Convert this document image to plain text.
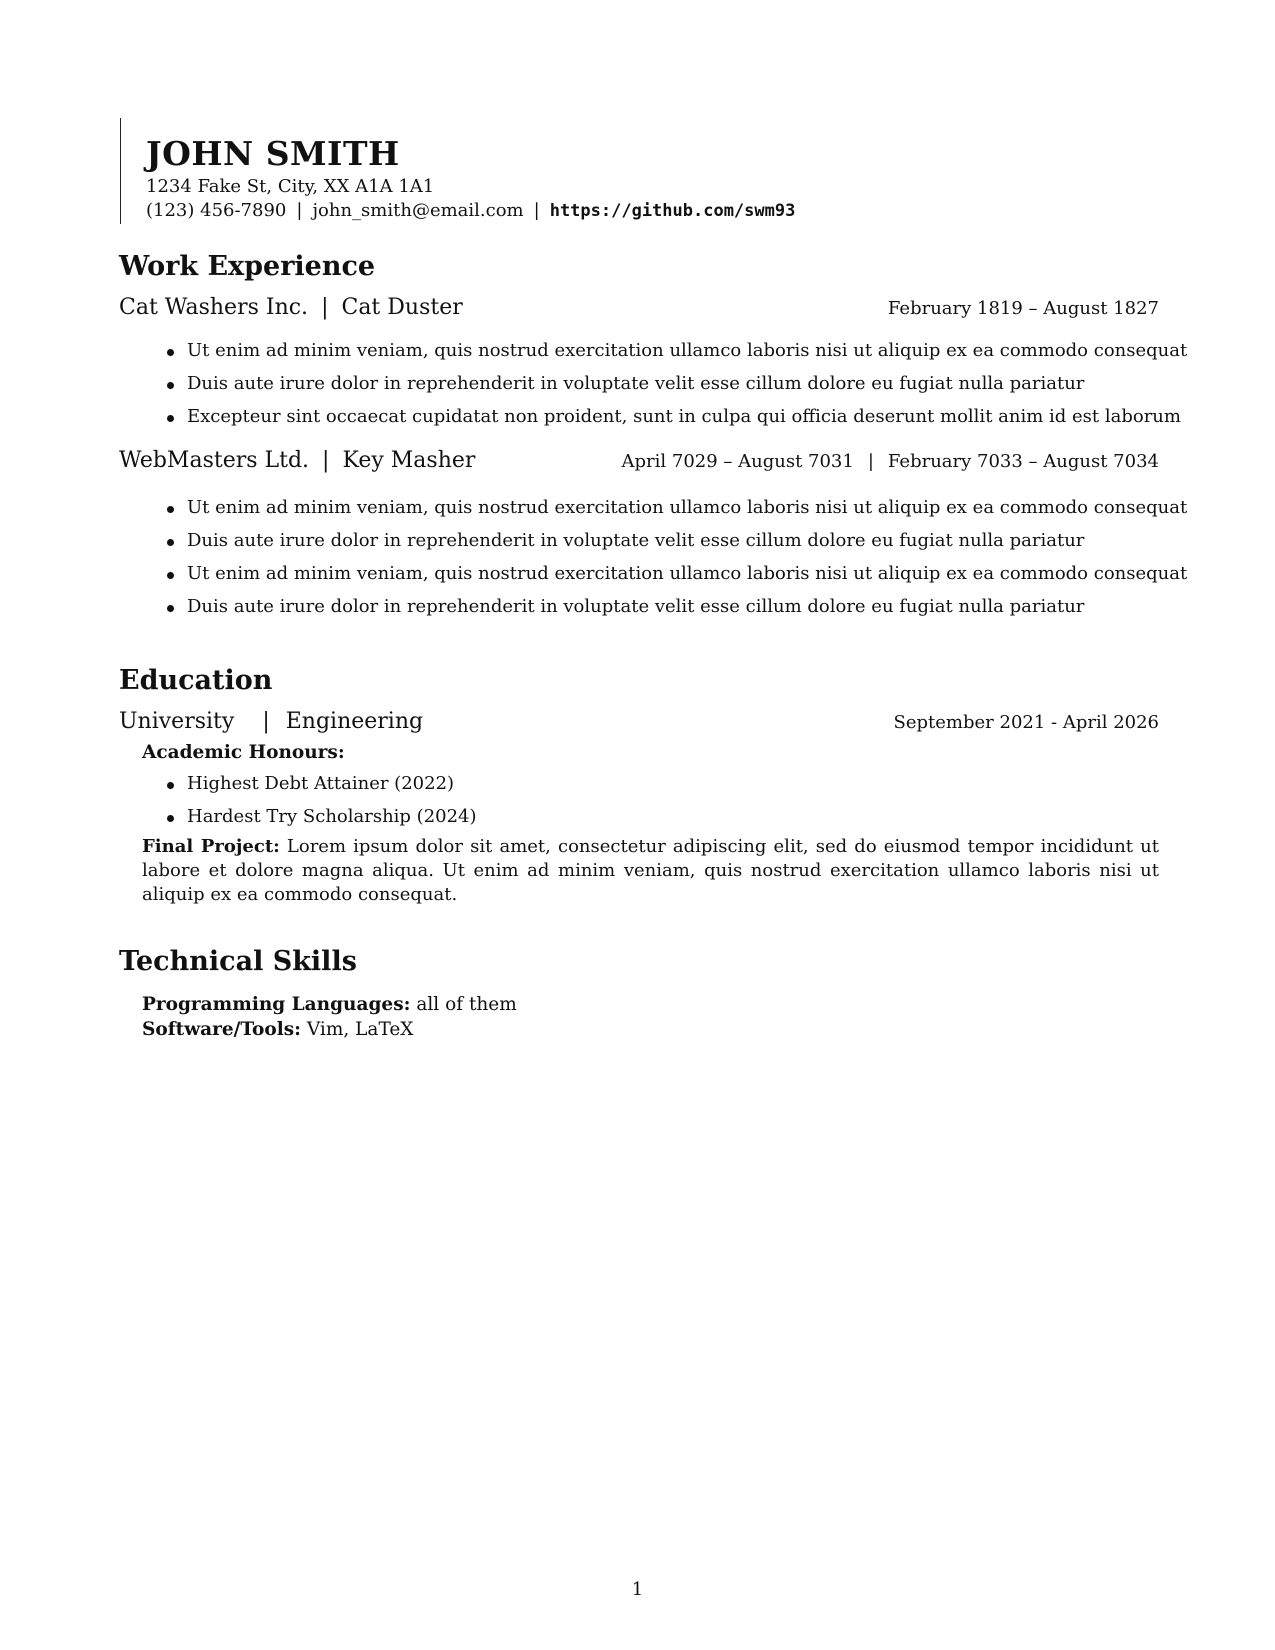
JOHN SMITH
1234 Fake St, City, XX A1A 1A1
(123) 456-7890 | john_smith@email.com | https://github.com/swm93
Work Experience
Cat Washers Inc. | Cat Duster	February 1819 – August 1827
Ut enim ad minim veniam, quis nostrud exercitation ullamco laboris nisi ut aliquip ex ea commodo consequat
Duis aute irure dolor in reprehenderit in voluptate velit esse cillum dolore eu fugiat nulla pariatur
Excepteur sint occaecat cupidatat non proident, sunt in culpa qui officia deserunt mollit anim id est laborum
WebMasters Ltd. | Key Masher	April 7029 – August 7031 | February 7033 – August 7034
Ut enim ad minim veniam, quis nostrud exercitation ullamco laboris nisi ut aliquip ex ea commodo consequat
Duis aute irure dolor in reprehenderit in voluptate velit esse cillum dolore eu fugiat nulla pariatur
Ut enim ad minim veniam, quis nostrud exercitation ullamco laboris nisi ut aliquip ex ea commodo consequat
Duis aute irure dolor in reprehenderit in voluptate velit esse cillum dolore eu fugiat nulla pariatur
Education
University | Engineering	September 2021 - April 2026
Academic Honours:
Highest Debt Attainer (2022)
Hardest Try Scholarship (2024)
Final Project: Lorem ipsum dolor sit amet, consectetur adipiscing elit, sed do eiusmod tempor incididunt ut labore et dolore magna aliqua. Ut enim ad minim veniam, quis nostrud exercitation ullamco laboris nisi ut aliquip ex ea commodo consequat.
Technical Skills
Programming Languages: all of them
Software/Tools: Vim, LaTeX
1
